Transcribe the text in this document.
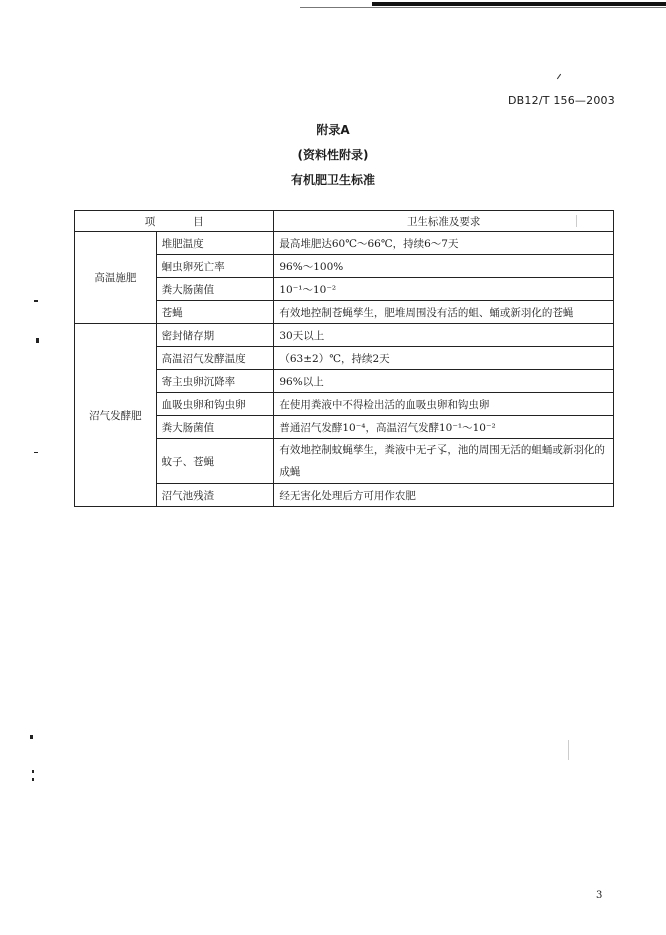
DB12/T 156—2003
附录A
(资料性附录)
有机肥卫生标准
项 目		卫生标准及要求
高温施肥	堆肥温度	最高堆肥达60℃～66℃，持续6～7天
	蛔虫卵死亡率	96%～100%
	粪大肠菌值	10⁻¹～10⁻²
	苍蝇	有效地控制苍蝇孳生，肥堆周围没有活的蛆、蛹或新羽化的苍蝇
沼气发酵肥	密封储存期	30天以上
	高温沼气发酵温度	（63±2）℃，持续2天
	寄主虫卵沉降率	96%以上
	血吸虫卵和钩虫卵	在使用粪液中不得检出活的血吸虫卵和钩虫卵
	粪大肠菌值	普通沼气发酵10⁻⁴，高温沼气发酵10⁻¹～10⁻²
	蚊子、苍蝇	有效地控制蚊蝇孳生，粪液中无孑孓，池的周围无活的蛆蛹或新羽化的成蝇
	沼气池残渣	经无害化处理后方可用作农肥
3
